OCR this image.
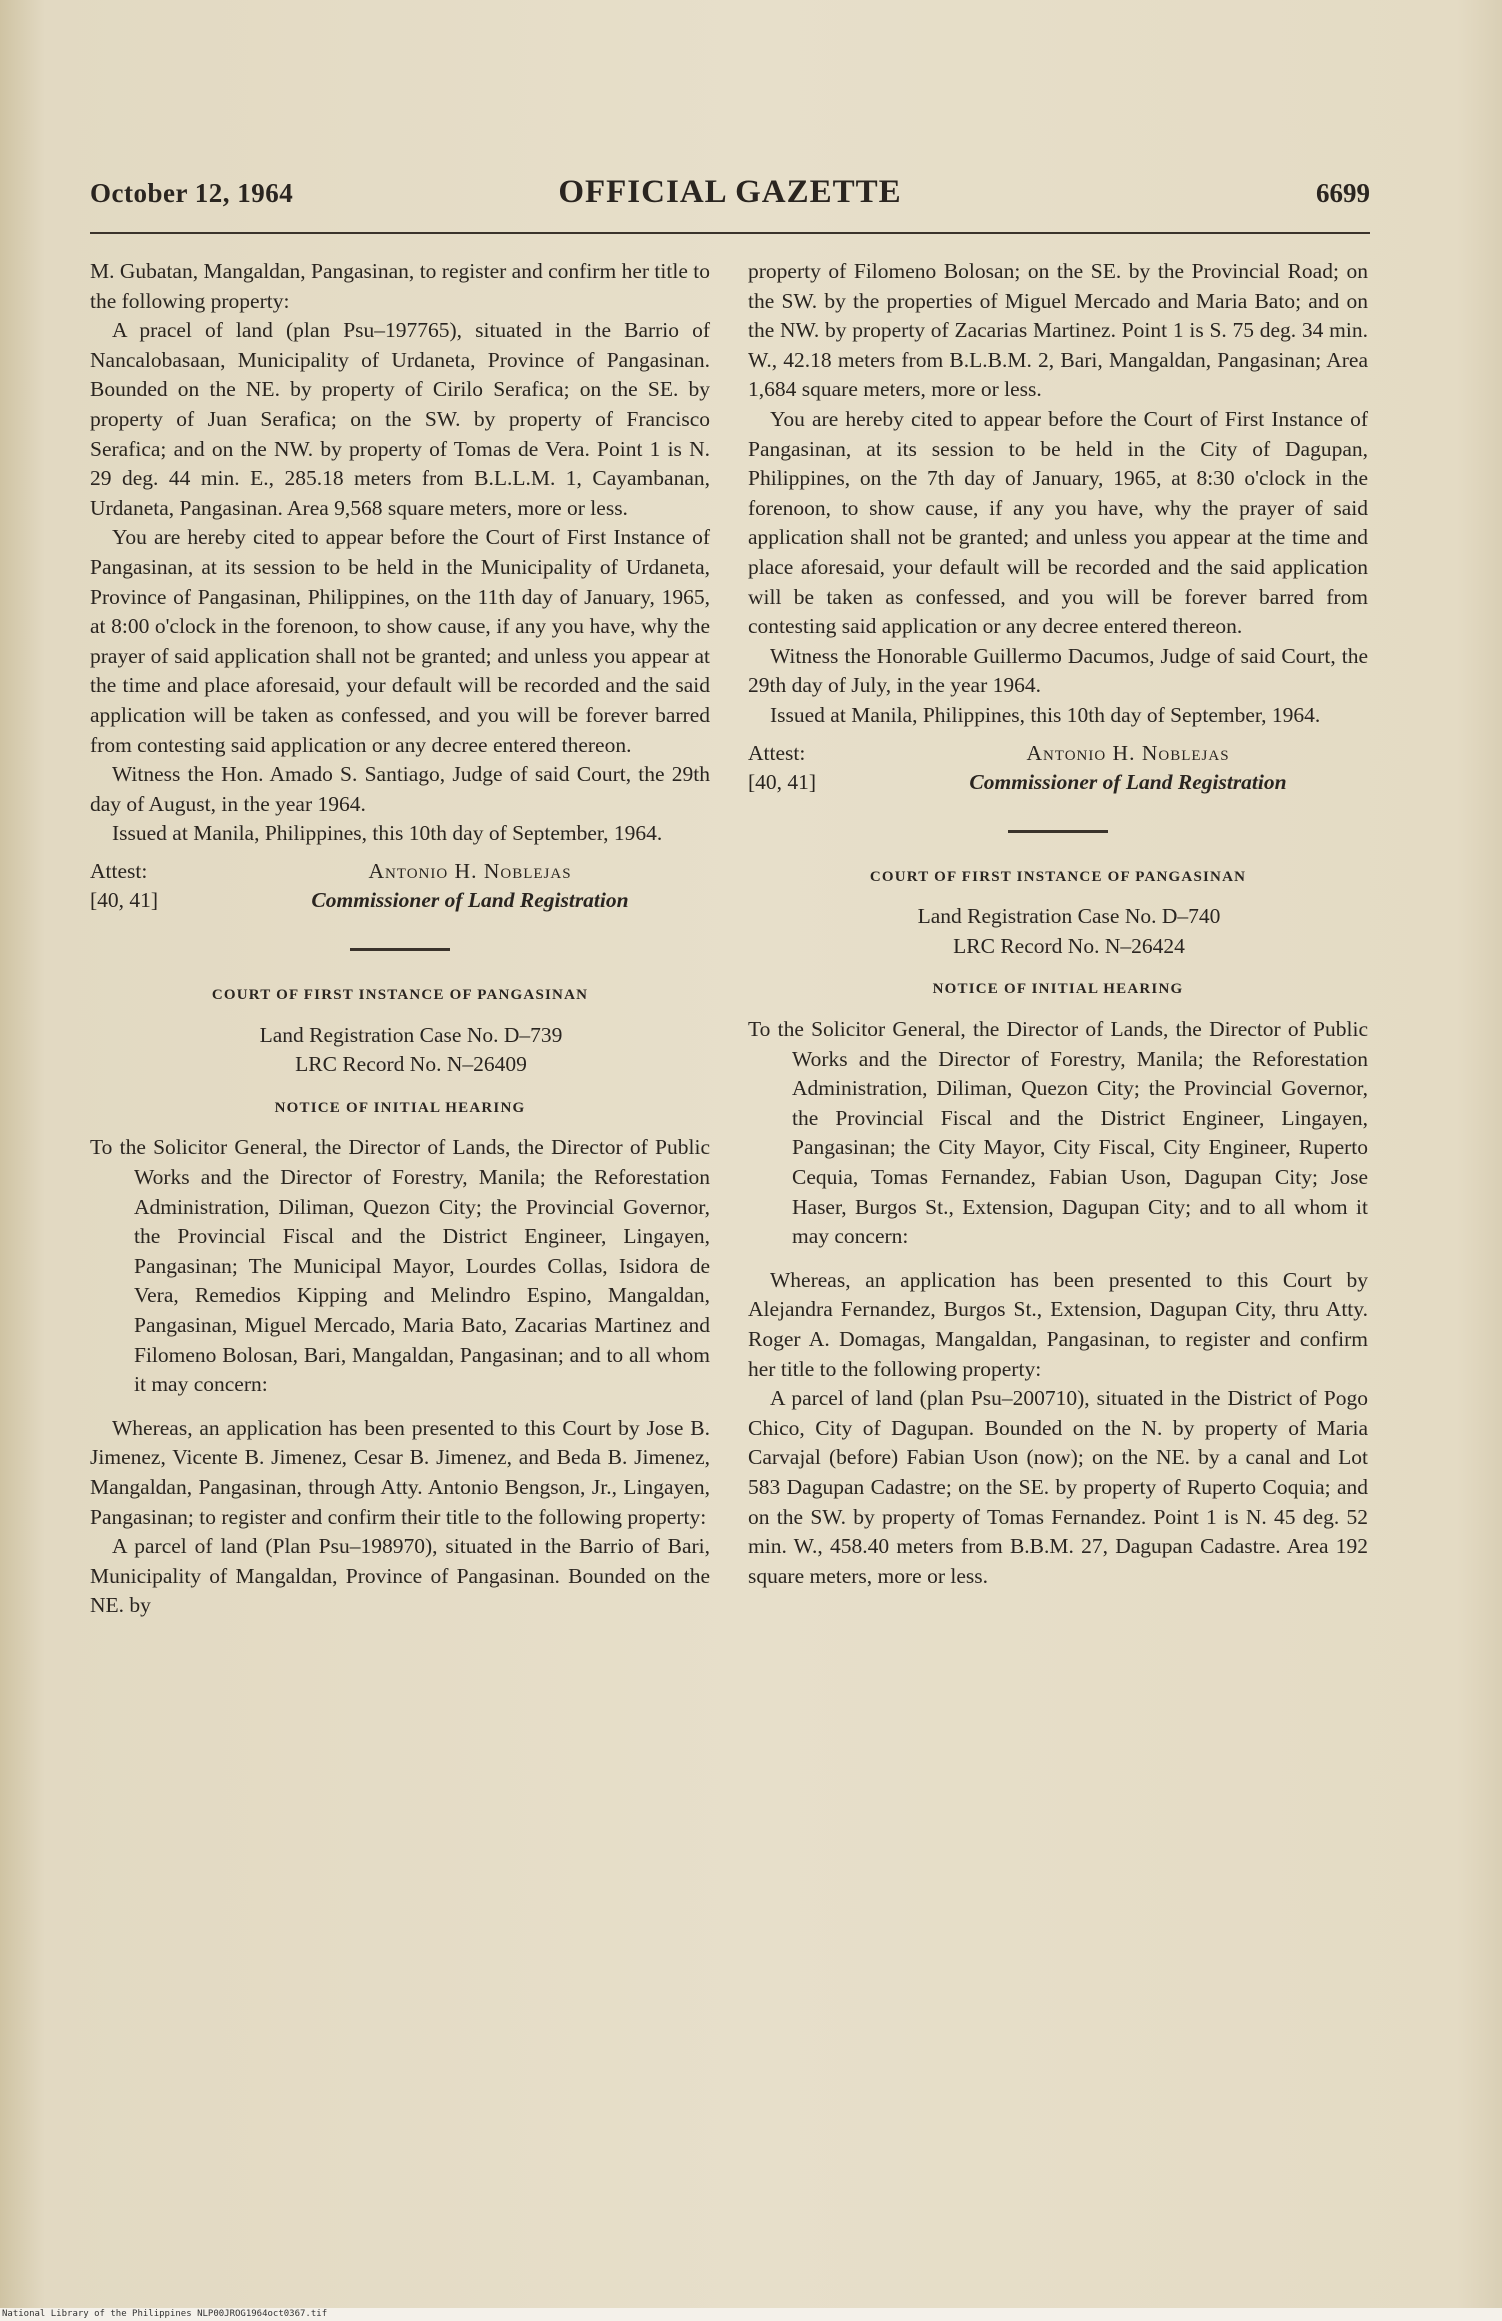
October 12, 1964	OFFICIAL GAZETTE	6699

M. Gubatan, Mangaldan, Pangasinan, to register and confirm her title to the following property:

A pracel of land (plan Psu–197765), situated in the Barrio of Nancalobasaan, Municipality of Urdaneta, Province of Pangasinan. Bounded on the NE. by property of Cirilo Serafica; on the SE. by property of Juan Serafica; on the SW. by property of Francisco Serafica; and on the NW. by property of Tomas de Vera. Point 1 is N. 29 deg. 44 min. E., 285.18 meters from B.L.L.M. 1, Cayambanan, Urdaneta, Pangasinan. Area 9,568 square meters, more or less.

You are hereby cited to appear before the Court of First Instance of Pangasinan, at its session to be held in the Municipality of Urdaneta, Province of Pangasinan, Philippines, on the 11th day of January, 1965, at 8:00 o'clock in the forenoon, to show cause, if any you have, why the prayer of said application shall not be granted; and unless you appear at the time and place aforesaid, your default will be recorded and the said application will be taken as confessed, and you will be forever barred from contesting said application or any decree entered thereon.

Witness the Hon. Amado S. Santiago, Judge of said Court, the 29th day of August, in the year 1964.

Issued at Manila, Philippines, this 10th day of September, 1964.

Attest:	Antonio H. Noblejas
[40, 41]	Commissioner of Land Registration
COURT OF FIRST INSTANCE OF PANGASINAN

Land Registration Case No. D–739

LRC Record No. N–26409

NOTICE OF INITIAL HEARING

To the Solicitor General, the Director of Lands, the Director of Public Works and the Director of Forestry, Manila; the Reforestation Administration, Diliman, Quezon City; the Provincial Governor, the Provincial Fiscal and the District Engineer, Lingayen, Pangasinan; The Municipal Mayor, Lourdes Collas, Isidora de Vera, Remedios Kipping and Melindro Espino, Mangaldan, Pangasinan, Miguel Mercado, Maria Bato, Zacarias Martinez and Filomeno Bolosan, Bari, Mangaldan, Pangasinan; and to all whom it may concern:

Whereas, an application has been presented to this Court by Jose B. Jimenez, Vicente B. Jimenez, Cesar B. Jimenez, and Beda B. Jimenez, Mangaldan, Pangasinan, through Atty. Antonio Bengson, Jr., Lingayen, Pangasinan; to register and confirm their title to the following property:

A parcel of land (Plan Psu–198970), situated in the Barrio of Bari, Municipality of Mangaldan, Province of Pangasinan. Bounded on the NE. by

property of Filomeno Bolosan; on the SE. by the Provincial Road; on the SW. by the properties of Miguel Mercado and Maria Bato; and on the NW. by property of Zacarias Martinez. Point 1 is S. 75 deg. 34 min. W., 42.18 meters from B.L.B.M. 2, Bari, Mangaldan, Pangasinan; Area 1,684 square meters, more or less.

You are hereby cited to appear before the Court of First Instance of Pangasinan, at its session to be held in the City of Dagupan, Philippines, on the 7th day of January, 1965, at 8:30 o'clock in the forenoon, to show cause, if any you have, why the prayer of said application shall not be granted; and unless you appear at the time and place aforesaid, your default will be recorded and the said application will be taken as confessed, and you will be forever barred from contesting said application or any decree entered thereon.

Witness the Honorable Guillermo Dacumos, Judge of said Court, the 29th day of July, in the year 1964.

Issued at Manila, Philippines, this 10th day of September, 1964.

Attest:	Antonio H. Noblejas
[40, 41]	Commissioner of Land Registration
COURT OF FIRST INSTANCE OF PANGASINAN

Land Registration Case No. D–740

LRC Record No. N–26424

NOTICE OF INITIAL HEARING

To the Solicitor General, the Director of Lands, the Director of Public Works and the Director of Forestry, Manila; the Reforestation Administration, Diliman, Quezon City; the Provincial Governor, the Provincial Fiscal and the District Engineer, Lingayen, Pangasinan; the City Mayor, City Fiscal, City Engineer, Ruperto Cequia, Tomas Fernandez, Fabian Uson, Dagupan City; Jose Haser, Burgos St., Extension, Dagupan City; and to all whom it may concern:

Whereas, an application has been presented to this Court by Alejandra Fernandez, Burgos St., Extension, Dagupan City, thru Atty. Roger A. Domagas, Mangaldan, Pangasinan, to register and confirm her title to the following property:

A parcel of land (plan Psu–200710), situated in the District of Pogo Chico, City of Dagupan. Bounded on the N. by property of Maria Carvajal (before) Fabian Uson (now); on the NE. by a canal and Lot 583 Dagupan Cadastre; on the SE. by property of Ruperto Coquia; and on the SW. by property of Tomas Fernandez. Point 1 is N. 45 deg. 52 min. W., 458.40 meters from B.B.M. 27, Dagupan Cadastre. Area 192 square meters, more or less.

National Library of the Philippines NLP00JROG1964oct0367.tif
